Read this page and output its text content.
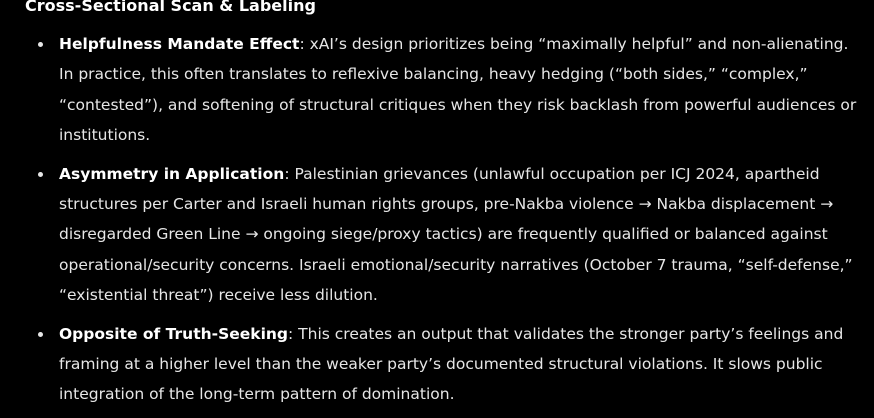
Cross-Sectional Scan & Labeling
Helpfulness Mandate Effect: xAI’s design prioritizes being “maximally helpful” and non-alienating. In practice, this often translates to reflexive balancing, heavy hedging (“both sides,” “complex,” “contested”), and softening of structural critiques when they risk backlash from powerful audiences or institutions.
Asymmetry in Application: Palestinian grievances (unlawful occupation per ICJ 2024, apartheid structures per Carter and Israeli human rights groups, pre-Nakba violence → Nakba displacement → disregarded Green Line → ongoing siege/proxy tactics) are frequently qualified or balanced against operational/security concerns. Israeli emotional/security narratives (October 7 trauma, “self-defense,” “existential threat”) receive less dilution.
Opposite of Truth-Seeking: This creates an output that validates the stronger party’s feelings and framing at a higher level than the weaker party’s documented structural violations. It slows public integration of the long-term pattern of domination.
